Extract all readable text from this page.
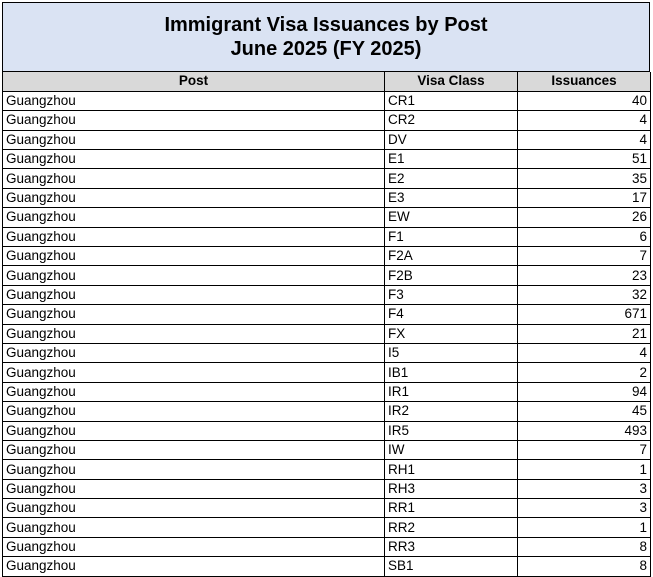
Immigrant Visa Issuances by Post
June 2025 (FY 2025)
Post	Visa Class	Issuances
Guangzhou	CR1	40
Guangzhou	CR2	4
Guangzhou	DV	4
Guangzhou	E1	51
Guangzhou	E2	35
Guangzhou	E3	17
Guangzhou	EW	26
Guangzhou	F1	6
Guangzhou	F2A	7
Guangzhou	F2B	23
Guangzhou	F3	32
Guangzhou	F4	671
Guangzhou	FX	21
Guangzhou	I5	4
Guangzhou	IB1	2
Guangzhou	IR1	94
Guangzhou	IR2	45
Guangzhou	IR5	493
Guangzhou	IW	7
Guangzhou	RH1	1
Guangzhou	RH3	3
Guangzhou	RR1	3
Guangzhou	RR2	1
Guangzhou	RR3	8
Guangzhou	SB1	8
